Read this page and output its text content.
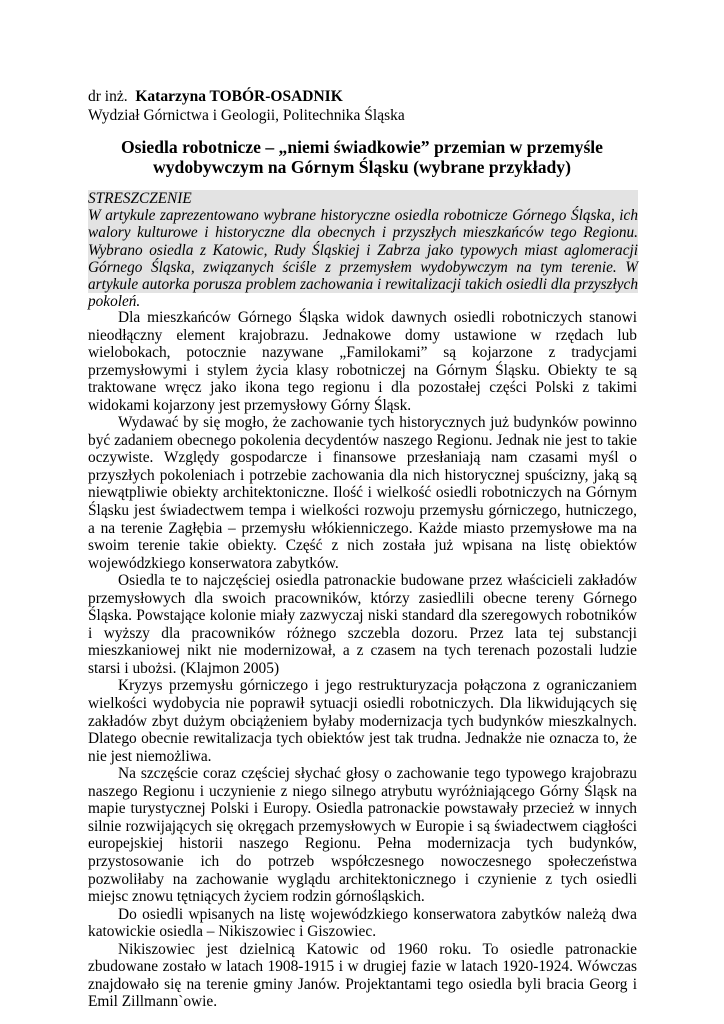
dr inż. Katarzyna TOBÓR-OSADNIK
Wydział Górnictwa i Geologii, Politechnika Śląska
Osiedla robotnicze – „niemi świadkowie” przemian w przemyśle
wydobywczym na Górnym Śląsku (wybrane przykłady)
STRESZCZENIE
W artykule zaprezentowano wybrane historyczne osiedla robotnicze Górnego Śląska, ich walory kulturowe i historyczne dla obecnych i przyszłych mieszkańców tego Regionu. Wybrano osiedla z Katowic, Rudy Śląskiej i Zabrza jako typowych miast aglomeracji Górnego Śląska, związanych ściśle z przemysłem wydobywczym na tym terenie. W artykule autorka porusza problem zachowania i rewitalizacji takich osiedli dla przyszłych pokoleń.

Dla mieszkańców Górnego Śląska widok dawnych osiedli robotniczych stanowi nieodłączny element krajobrazu. Jednakowe domy ustawione w rzędach lub wielobokach, potocznie nazywane „Familokami” są kojarzone z tradycjami przemysłowymi i stylem życia klasy robotniczej na Górnym Śląsku. Obiekty te są traktowane wręcz jako ikona tego regionu i dla pozostałej części Polski z takimi widokami kojarzony jest przemysłowy Górny Śląsk.

Wydawać by się mogło, że zachowanie tych historycznych już budynków powinno być zadaniem obecnego pokolenia decydentów naszego Regionu. Jednak nie jest to takie oczywiste. Względy gospodarcze i finansowe przesłaniają nam czasami myśl o przyszłych pokoleniach i potrzebie zachowania dla nich historycznej spuścizny, jaką są niewątpliwie obiekty architektoniczne. Ilość i wielkość osiedli robotniczych na Górnym Śląsku jest świadectwem tempa i wielkości rozwoju przemysłu górniczego, hutniczego, a na terenie Zagłębia – przemysłu włókienniczego. Każde miasto przemysłowe ma na swoim terenie takie obiekty. Część z nich została już wpisana na listę obiektów wojewódzkiego konserwatora zabytków.

Osiedla te to najczęściej osiedla patronackie budowane przez właścicieli zakładów przemysłowych dla swoich pracowników, którzy zasiedlili obecne tereny Górnego Śląska. Powstające kolonie miały zazwyczaj niski standard dla szeregowych robotników i wyższy dla pracowników różnego szczebla dozoru. Przez lata tej substancji mieszkaniowej nikt nie modernizował, a z czasem na tych terenach pozostali ludzie starsi i ubożsi. (Klajmon 2005)

Kryzys przemysłu górniczego i jego restrukturyzacja połączona z ograniczaniem wielkości wydobycia nie poprawił sytuacji osiedli robotniczych. Dla likwidujących się zakładów zbyt dużym obciążeniem byłaby modernizacja tych budynków mieszkalnych. Dlatego obecnie rewitalizacja tych obiektów jest tak trudna. Jednakże nie oznacza to, że nie jest niemożliwa.

Na szczęście coraz częściej słychać głosy o zachowanie tego typowego krajobrazu naszego Regionu i uczynienie z niego silnego atrybutu wyróżniającego Górny Śląsk na mapie turystycznej Polski i Europy. Osiedla patronackie powstawały przecież w innych silnie rozwijających się okręgach przemysłowych w Europie i są świadectwem ciągłości europejskiej historii naszego Regionu. Pełna modernizacja tych budynków, przystosowanie ich do potrzeb współczesnego nowoczesnego społeczeństwa pozwoliłaby na zachowanie wyglądu architektonicznego i czynienie z tych osiedli miejsc znowu tętniących życiem rodzin górnośląskich.

Do osiedli wpisanych na listę wojewódzkiego konserwatora zabytków należą dwa katowickie osiedla – Nikiszowiec i Giszowiec.

Nikiszowiec jest dzielnicą Katowic od 1960 roku. To osiedle patronackie zbudowane zostało w latach 1908-1915 i w drugiej fazie w latach 1920-1924. Wówczas znajdowało się na terenie gminy Janów. Projektantami tego osiedla byli bracia Georg i Emil Zillmann`owie.
